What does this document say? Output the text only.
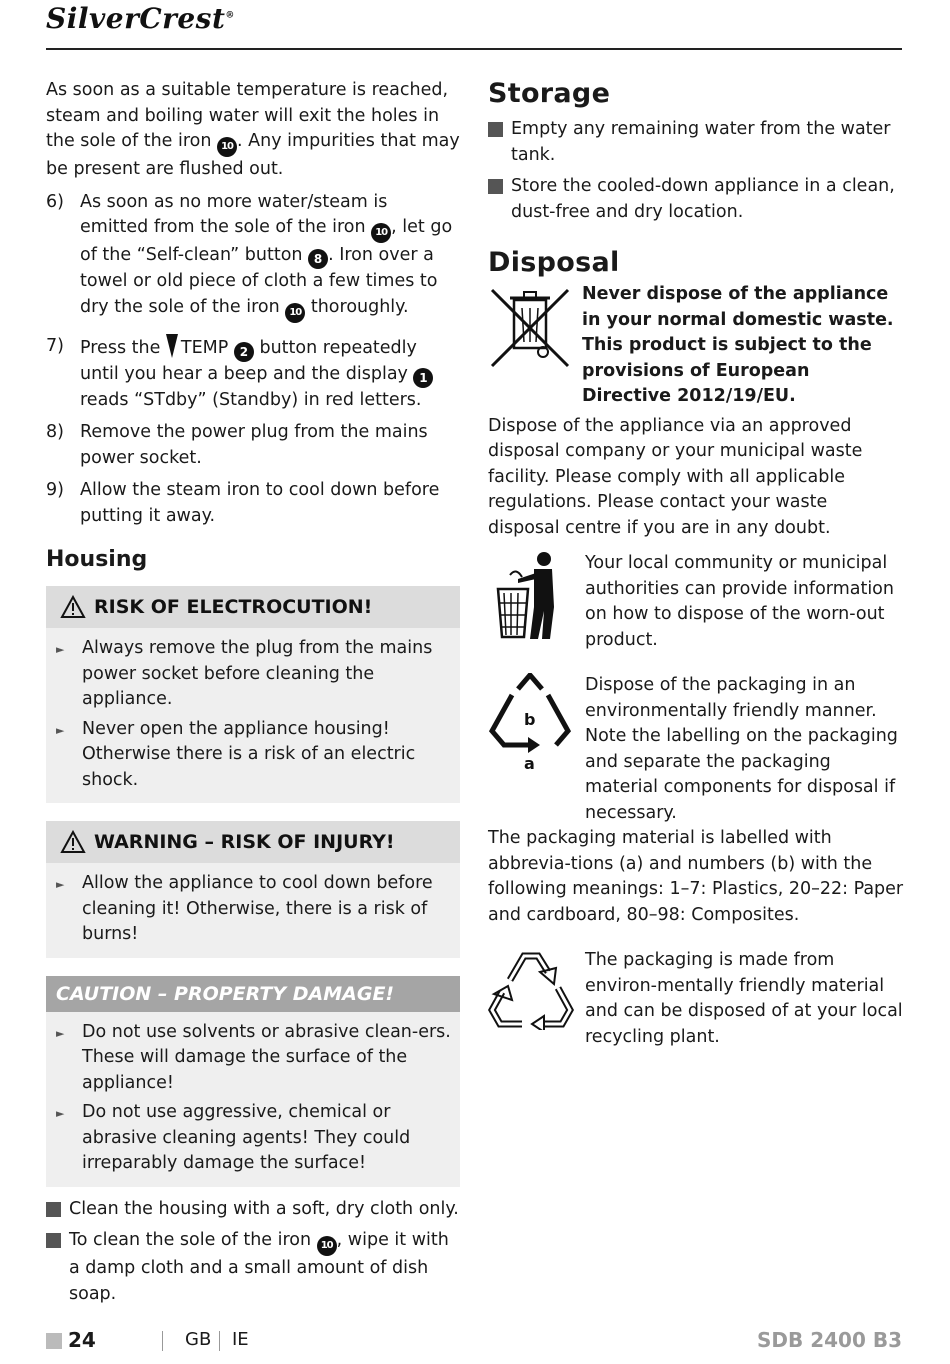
SilverCrest®

As soon as a suitable temperature is reached, steam and boiling water will exit the holes in the sole of the iron 10 . Any impurities that may be present are flushed out.

6) As soon as no more water/steam is emitted from the sole of the iron 10 , let go of the “Self-clean” button 8 . Iron over a towel or old piece of cloth a few times to dry the sole of the iron 10 thoroughly.
7) Press the TEMP 2 button repeatedly until you hear a beep and the display 1 reads “STdby” (Standby) in red letters.
8) Remove the power plug from the mains power socket.
9) Allow the steam iron to cool down before putting it away.
Housing
RISK OF ELECTROCUTION!
►	Always remove the plug from the mains power socket before cleaning the appliance.
►	Never open the appliance housing! Otherwise there is a risk of an electric shock.
WARNING – RISK OF INJURY!
►	Allow the appliance to cool down before cleaning it! Otherwise, there is a risk of burns!
CAUTION – PROPERTY DAMAGE!
►	Do not use solvents or abrasive clean-ers. These will damage the surface of the appliance!
►	Do not use aggressive, chemical or abrasive cleaning agents! They could irreparably damage the surface!
Clean the housing with a soft, dry cloth only.
To clean the sole of the iron 10 , wipe it with a damp cloth and a small amount of dish soap.
Storage
Empty any remaining water from the water tank.
Store the cooled-down appliance in a clean, dust-free and dry location.
Disposal
Never dispose of the appliance in your normal domestic waste. This product is subject to the provisions of European Directive 2012/19/EU.

Dispose of the appliance via an approved disposal company or your municipal waste facility. Please comply with all applicable regulations. Please contact your waste disposal centre if you are in any doubt.

Your local community or municipal authorities can provide information on how to dispose of the worn-out product.
b
a
Dispose of the packaging in an environmentally friendly manner. Note the labelling on the packaging and separate the packaging material components for disposal if necessary.

The packaging material is labelled with abbrevia-tions (a) and numbers (b) with the following meanings: 1–7: Plastics, 20–22: Paper and cardboard, 80–98: Composites.

The packaging is made from environ-mentally friendly material and can be disposed of at your local recycling plant.
24	GB IE	SDB 2400 B3
